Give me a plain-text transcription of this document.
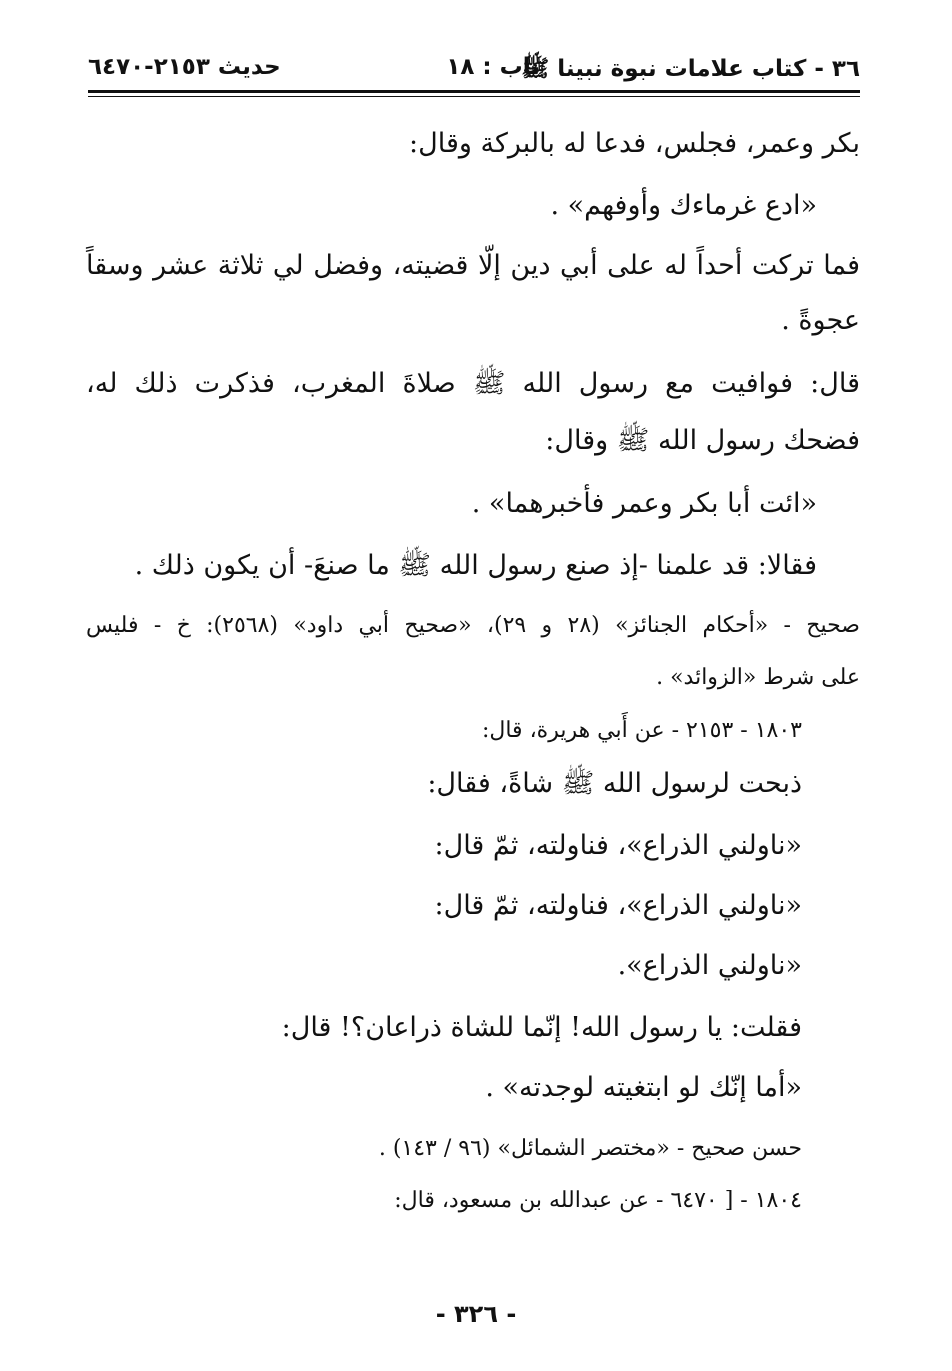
٣٦ - كتاب علامات نبوة نبينا ﷺ
باب : ١٨
حديث ٢١٥٣-٦٤٧٠
بكر وعمر، فجلس، فدعا له بالبركة وقال:
«ادع غرماءك وأوفهم» .
فما تركت أحداً له على أبي دين إلّا قضيته، وفضل لي ثلاثة عشر وسقاً
عجوةً .
قال: فوافيت مع رسول الله ﷺ صلاةَ المغرب، فذكرت ذلك له،
فضحك رسول الله ﷺ وقال:
«ائت أبا بكر وعمر فأخبرهما» .
فقالا: قد علمنا -إذ صنع رسول الله ﷺ ما صنعَ- أن يكون ذلك .
صحيح - «أحكام الجنائز» (٢٨ و ٢٩)، «صحيح أبي داود» (٢٥٦٨): خ - فليس
على شرط «الزوائد» .
١٨٠٣ - ٢١٥٣ - عن أَبي هريرة، قال:
ذبحت لرسول الله ﷺ شاةً، فقال:
«ناولني الذراع»، فناولته، ثمّ قال:
«ناولني الذراع»، فناولته، ثمّ قال:
«ناولني الذراع».
فقلت: يا رسول الله! إنّما للشاة ذراعان؟! قال:
«أما إنّك لو ابتغيته لوجدته» .
حسن صحيح - «مختصر الشمائل» (٩٦ / ١٤٣) .
١٨٠٤ - [ ٦٤٧٠ - عن عبدالله بن مسعود، قال:
- ٣٢٦ -
